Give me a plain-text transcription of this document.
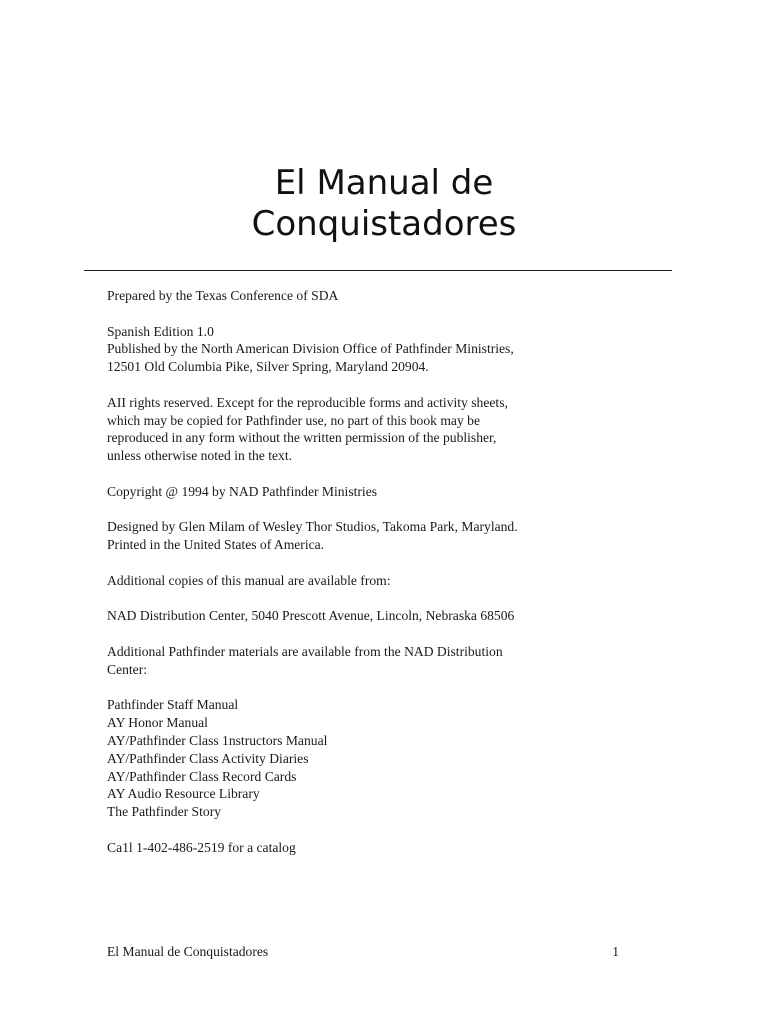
El Manual de
Conquistadores

Prepared by the Texas Conference of SDA

Spanish Edition 1.0
Published by the North American Division Office of Pathfinder Ministries,
12501 Old Columbia Pike, Silver Spring, Maryland 20904.

AII rights reserved. Except for the reproducible forms and activity sheets,
which may be copied for Pathfinder use, no part of this book may be
reproduced in any form without the written permission of the publisher,
unless otherwise noted in the text.

Copyright @ 1994 by NAD Pathfinder Ministries

Designed by Glen Milam of Wesley Thor Studios, Takoma Park, Maryland.
Printed in the United States of America.

Additional copies of this manual are available from:

NAD Distribution Center, 5040 Prescott Avenue, Lincoln, Nebraska 68506

Additional Pathfinder materials are available from the NAD Distribution
Center:

Pathfinder Staff Manual
AY Honor Manual
AY/Pathfinder Class 1nstructors Manual
AY/Pathfinder Class Activity Diaries
AY/Pathfinder Class Record Cards
AY Audio Resource Library
The Pathfinder Story

Ca1l 1-402-486-2519 for a catalog

El Manual de Conquistadores	1
